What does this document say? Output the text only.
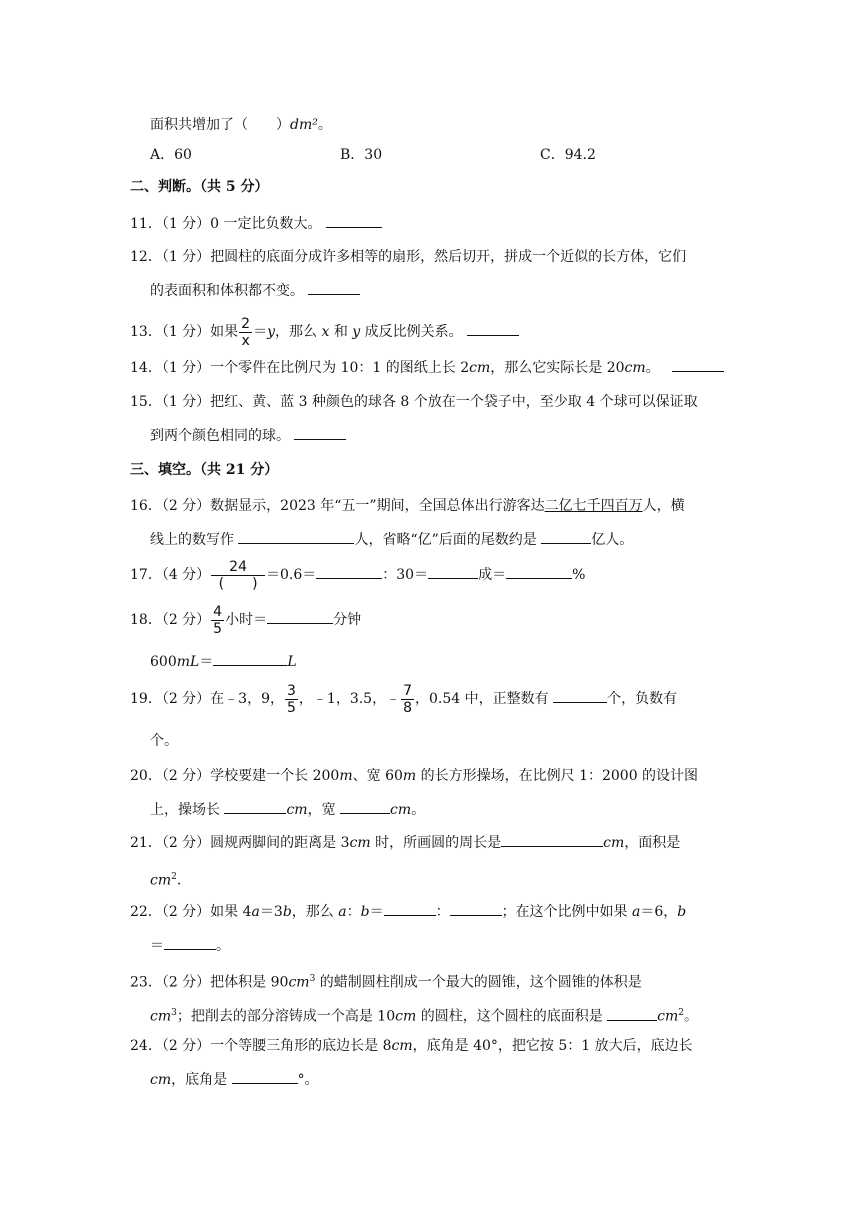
面积共增加了（　　）dm²。
A．60	B．30	C．94.2
二、判断。（共 5 分）
11．（1 分）0 一定比负数大。
12．（1 分）把圆柱的底面分成许多相等的扇形，然后切开，拼成一个近似的长方体，它们
的表面积和体积都不变。
13．（1 分）如果 $\frac{2}{x} =y$，那么 x 和 y 成反比例关系。
14．（1 分）一个零件在比例尺为 10：1 的图纸上长 2cm，那么它实际长是 20cm。
15．（1 分）把红、黄、蓝 3 种颜色的球各 8 个放在一个袋子中，至少取 4 个球可以保证取
到两个颜色相同的球。
三、填空。（共 21 分）
16．（2 分）数据显示，2023 年“五一”期间，全国总体出行游客达二亿七千四百万人，横
线上的数写作	人，省略“亿”后面的尾数约是	亿人。
17．（4 分） $\frac{24}{( )} =0.6=$	：30＝	成＝	%
18．（2 分） $\frac{4}{5}$ 小时＝	分钟
600mL＝	L
19．（2 分）在﹣3，9， $\frac{3}{5}$ ，﹣1，3.5，﹣ $\frac{7}{8}$ ，0.54 中，正整数有	个，负数有
个。
20．（2 分）学校要建一个长 200m、宽 60m 的长方形操场，在比例尺 1：2000 的设计图
上，操场长	cm，宽	cm。
21．（2 分）圆规两脚间的距离是 3cm 时，所画圆的周长是	cm，面积是
$cm^2$.
22．（2 分）如果 4a＝3b，那么 a：b＝	：	；在这个比例中如果 a＝6，b
＝	。
23．（2 分）把体积是 $90cm^3$ 的蜡制圆柱削成一个最大的圆锥，这个圆锥的体积是
$cm^3$；把削去的部分溶铸成一个高是 10cm 的圆柱，这个圆柱的底面积是	$cm^2$。
24．（2 分）一个等腰三角形的底边长是 8cm，底角是 40°，把它按 5：1 放大后，底边长
cm，底角是	°。
